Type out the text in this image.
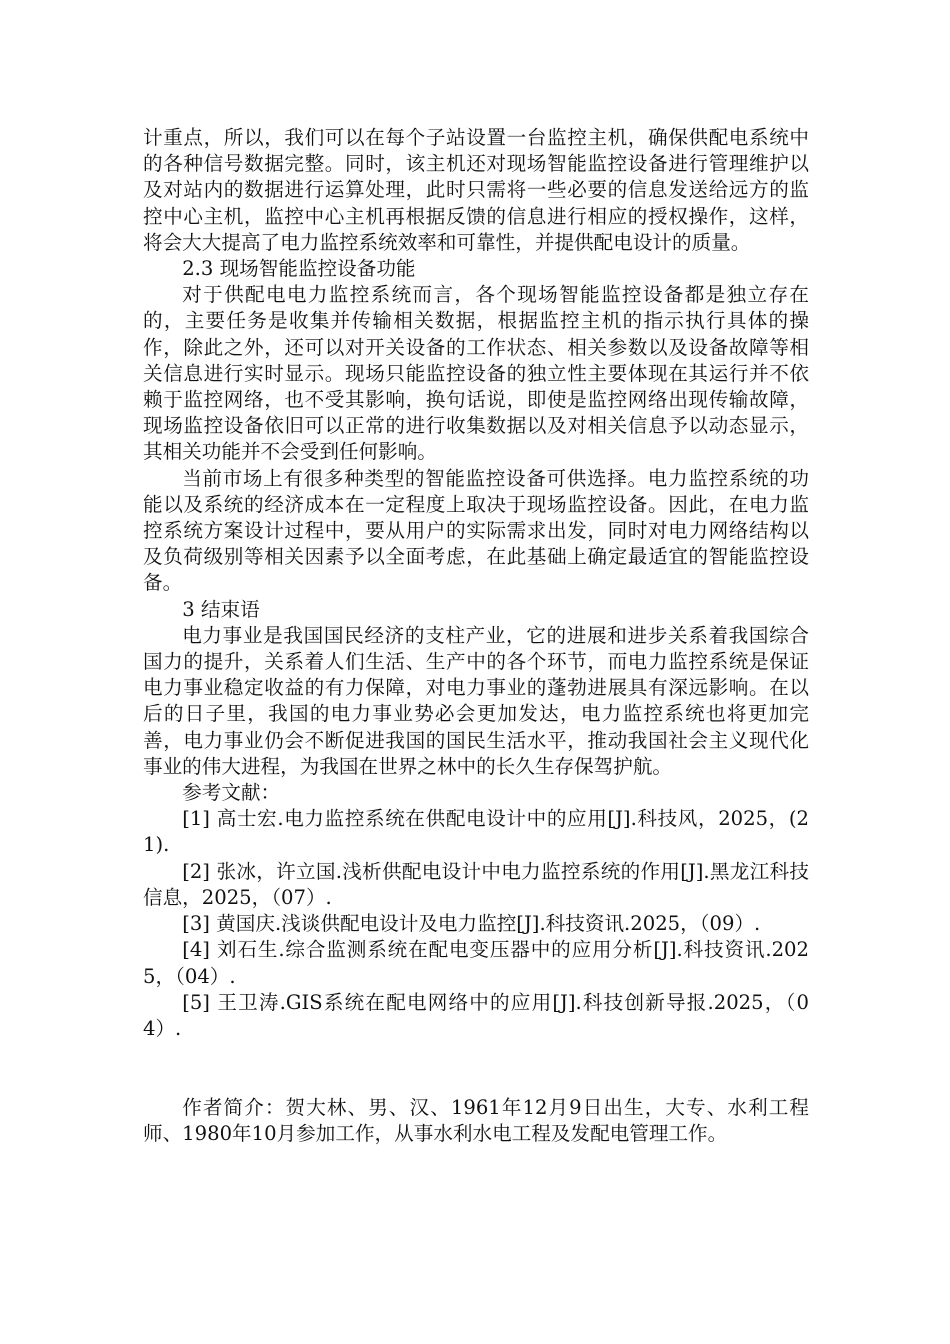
计重点，所以，我们可以在每个子站设置一台监控主机，确保供配电系统中的各种信号数据完整。同时，该主机还对现场智能监控设备进行管理维护以及对站内的数据进行运算处理，此时只需将一些必要的信息发送给远方的监控中心主机，监控中心主机再根据反馈的信息进行相应的授权操作，这样，将会大大提高了电力监控系统效率和可靠性，并提供配电设计的质量。

2.3 现场智能监控设备功能

对于供配电电力监控系统而言，各个现场智能监控设备都是独立存在的，主要任务是收集并传输相关数据，根据监控主机的指示执行具体的操作，除此之外，还可以对开关设备的工作状态、相关参数以及设备故障等相关信息进行实时显示。现场只能监控设备的独立性主要体现在其运行并不依赖于监控网络，也不受其影响，换句话说，即使是监控网络出现传输故障，现场监控设备依旧可以正常的进行收集数据以及对相关信息予以动态显示，其相关功能并不会受到任何影响。

当前市场上有很多种类型的智能监控设备可供选择。电力监控系统的功能以及系统的经济成本在一定程度上取决于现场监控设备。因此，在电力监控系统方案设计过程中，要从用户的实际需求出发，同时对电力网络结构以及负荷级别等相关因素予以全面考虑，在此基础上确定最适宜的智能监控设备。

3 结束语

电力事业是我国国民经济的支柱产业，它的进展和进步关系着我国综合国力的提升，关系着人们生活、生产中的各个环节，而电力监控系统是保证电力事业稳定收益的有力保障，对电力事业的蓬勃进展具有深远影响。在以后的日子里，我国的电力事业势必会更加发达，电力监控系统也将更加完善，电力事业仍会不断促进我国的国民生活水平，推动我国社会主义现代化事业的伟大进程，为我国在世界之林中的长久生存保驾护航。

参考文献：

[1] 高士宏.电力监控系统在供配电设计中的应用[J].科技风，2025，(21).

[2] 张冰，许立国.浅析供配电设计中电力监控系统的作用[J].黑龙江科技信息，2025，（07）.

[3] 黄国庆.浅谈供配电设计及电力监控[J].科技资讯.2025，（09）.

[4] 刘石生.综合监测系统在配电变压器中的应用分析[J].科技资讯.2025，（04）.

[5] 王卫涛.GIS系统在配电网络中的应用[J].科技创新导报.2025，（04）.

作者简介：贺大林、男、汉、1961年12月9日出生，大专、水利工程师、1980年10月参加工作，从事水利水电工程及发配电管理工作。
